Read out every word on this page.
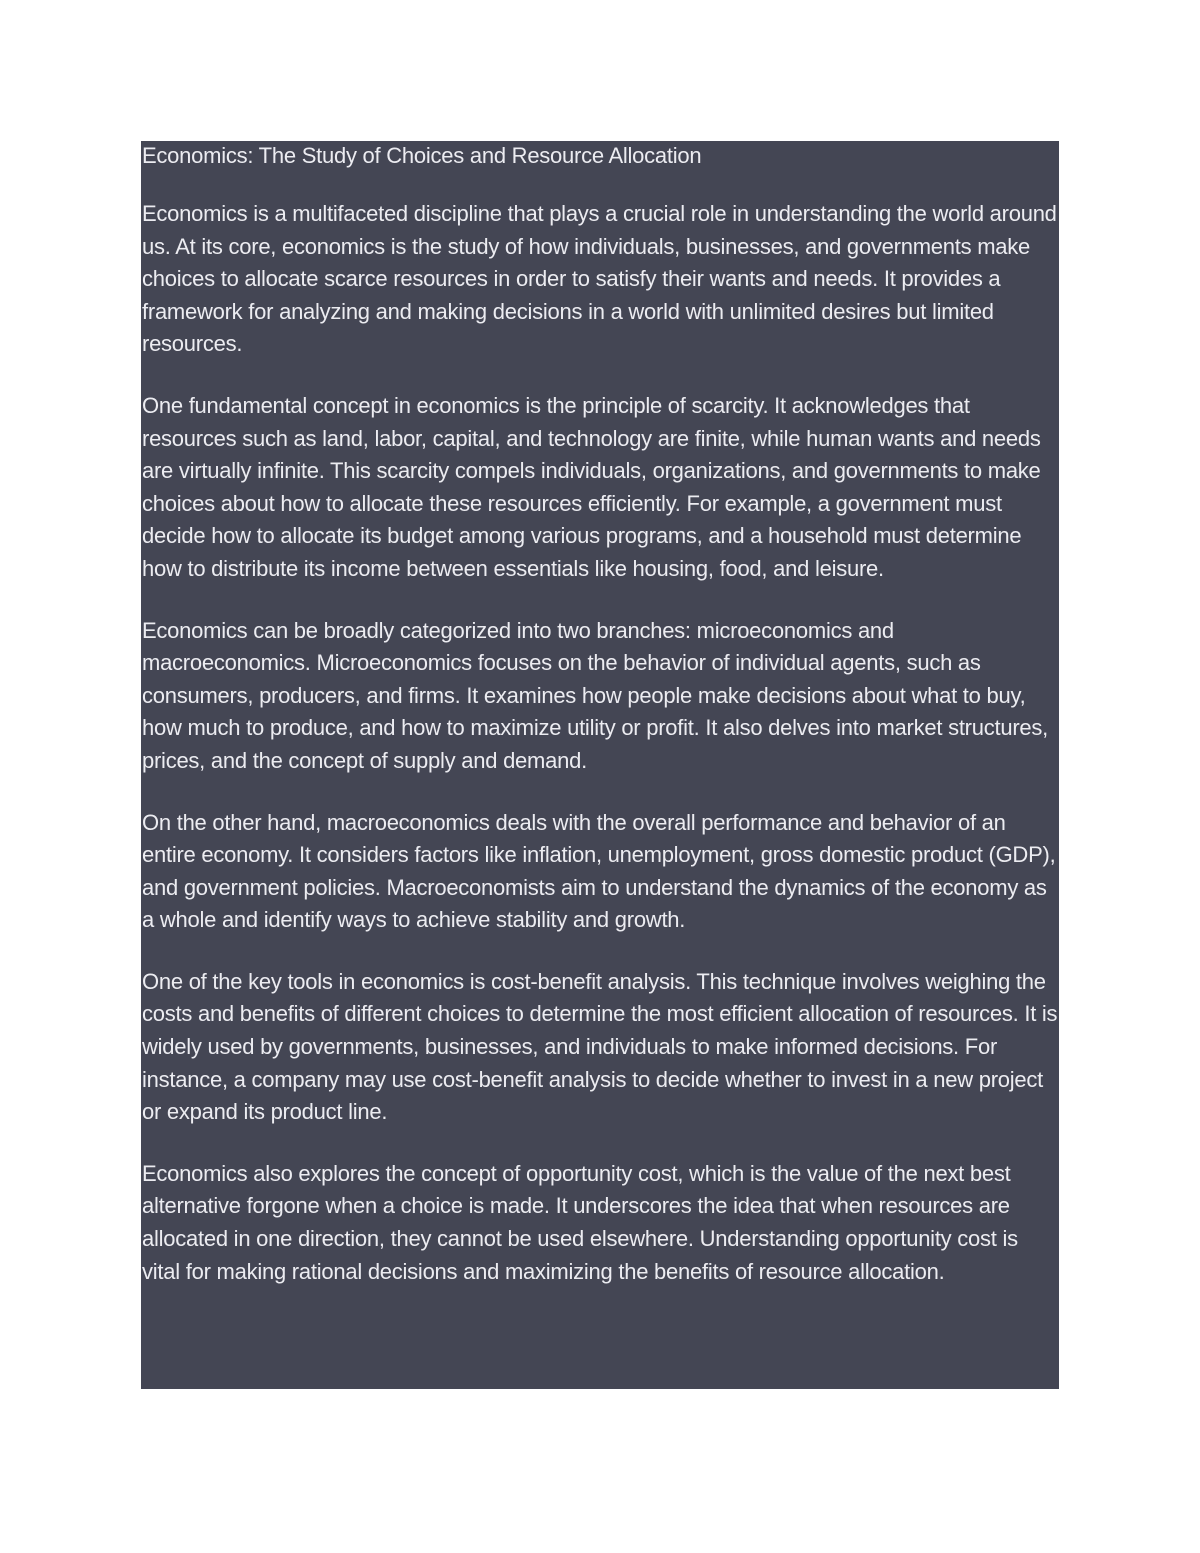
Economics: The Study of Choices and Resource Allocation

Economics is a multifaceted discipline that plays a crucial role in understanding the world around us. At its core, economics is the study of how individuals, businesses, and governments make choices to allocate scarce resources in order to satisfy their wants and needs. It provides a framework for analyzing and making decisions in a world with unlimited desires but limited resources.

One fundamental concept in economics is the principle of scarcity. It acknowledges that resources such as land, labor, capital, and technology are finite, while human wants and needs are virtually infinite. This scarcity compels individuals, organizations, and governments to make choices about how to allocate these resources efficiently. For example, a government must decide how to allocate its budget among various programs, and a household must determine how to distribute its income between essentials like housing, food, and leisure.

Economics can be broadly categorized into two branches: microeconomics and macroeconomics. Microeconomics focuses on the behavior of individual agents, such as consumers, producers, and firms. It examines how people make decisions about what to buy, how much to produce, and how to maximize utility or profit. It also delves into market structures, prices, and the concept of supply and demand.

On the other hand, macroeconomics deals with the overall performance and behavior of an entire economy. It considers factors like inflation, unemployment, gross domestic product (GDP), and government policies. Macroeconomists aim to understand the dynamics of the economy as a whole and identify ways to achieve stability and growth.

One of the key tools in economics is cost-benefit analysis. This technique involves weighing the costs and benefits of different choices to determine the most efficient allocation of resources. It is widely used by governments, businesses, and individuals to make informed decisions. For instance, a company may use cost-benefit analysis to decide whether to invest in a new project or expand its product line.

Economics also explores the concept of opportunity cost, which is the value of the next best alternative forgone when a choice is made. It underscores the idea that when resources are allocated in one direction, they cannot be used elsewhere. Understanding opportunity cost is vital for making rational decisions and maximizing the benefits of resource allocation.
